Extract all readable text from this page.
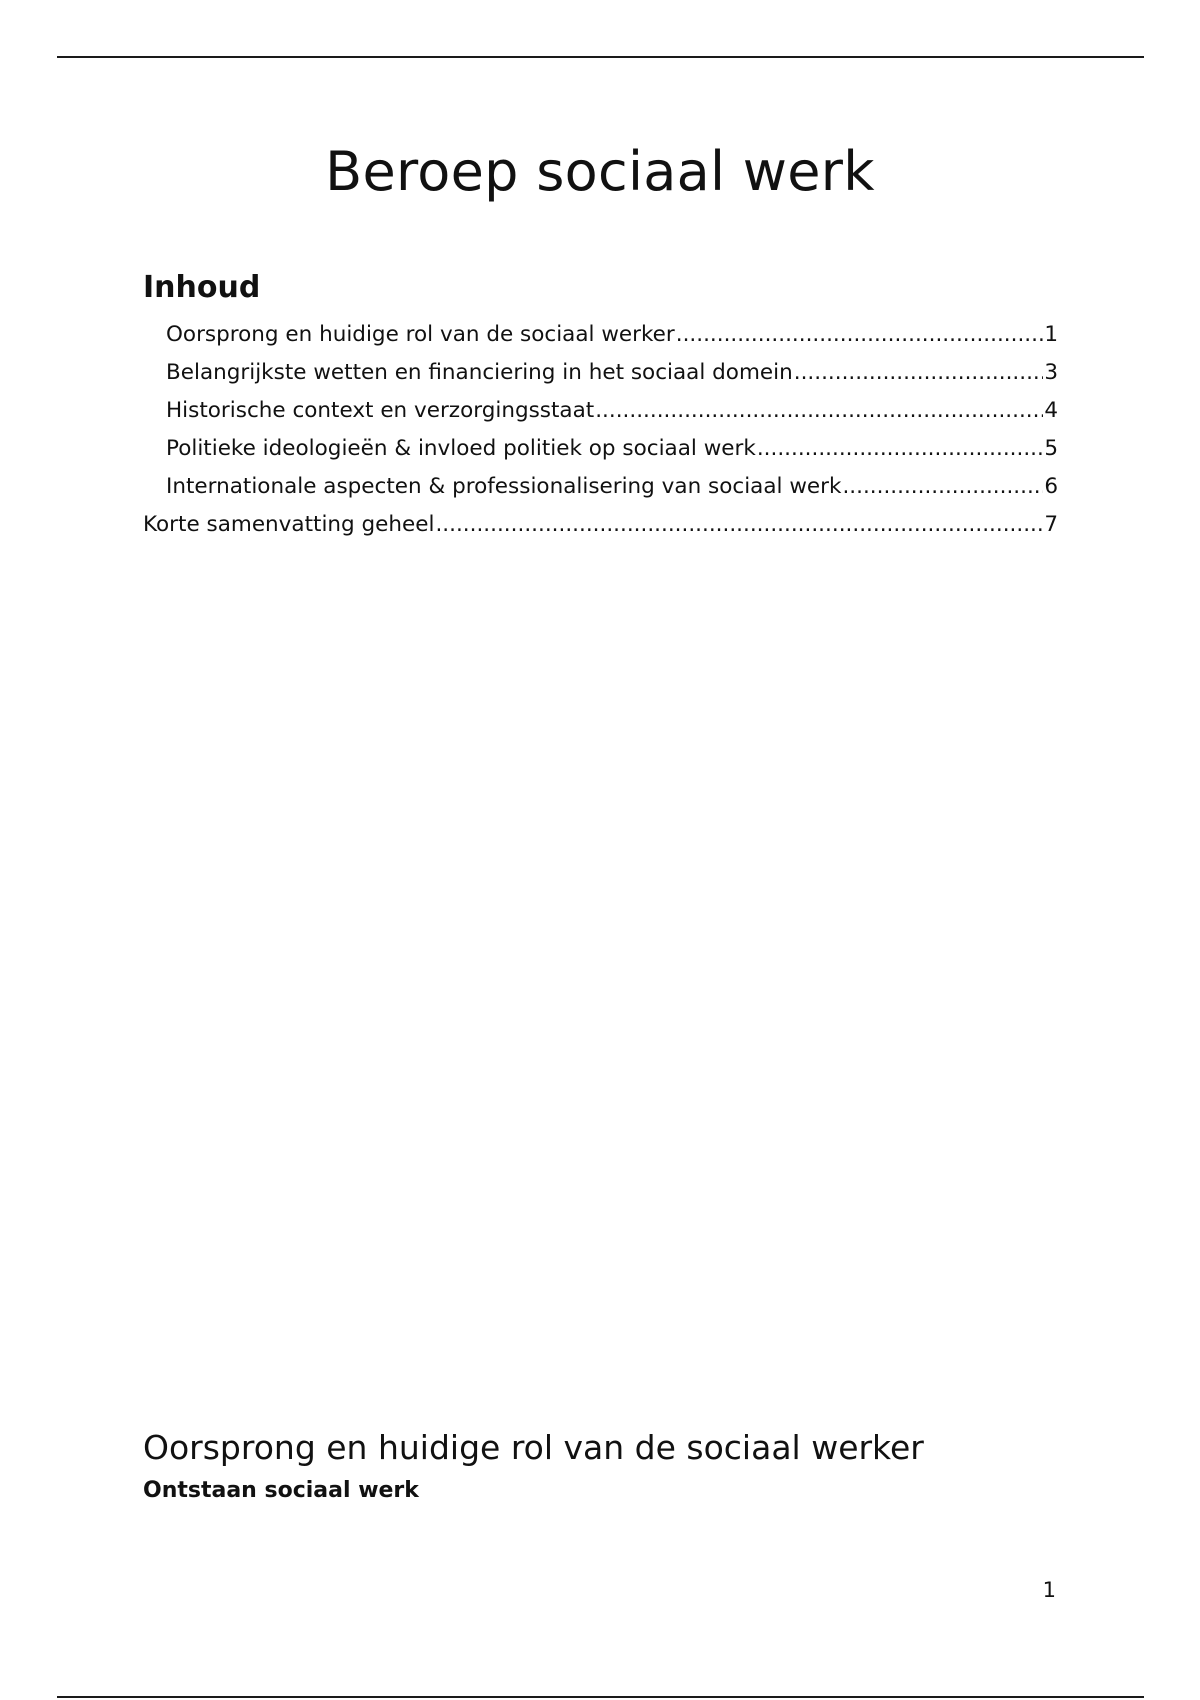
Beroep sociaal werk
Inhoud
Oorsprong en huidige rol van de sociaal werker .....	1
Belangrijkste wetten en financiering in het sociaal domein .....	3
Historische context en verzorgingsstaat .....	4
Politieke ideologieën & invloed politiek op sociaal werk .....	5
Internationale aspecten & professionalisering van sociaal werk .....	6
Korte samenvatting geheel .....	7
Oorsprong en huidige rol van de sociaal werker
Ontstaan sociaal werk
1
